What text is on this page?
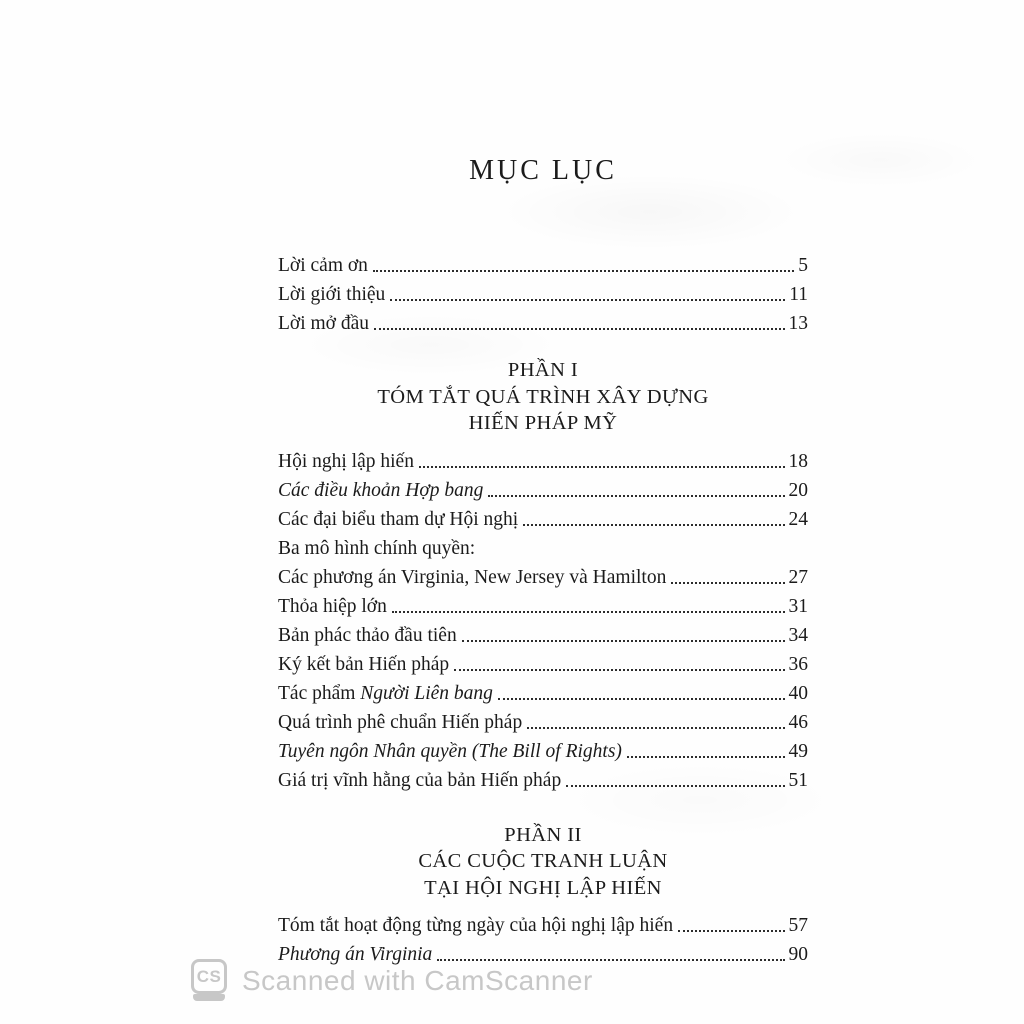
MỤC LỤC
Lời cảm ơn	5
Lời giới thiệu	11
Lời mở đầu	13
PHẦN I
TÓM TẮT QUÁ TRÌNH XÂY DỰNG
HIẾN PHÁP MỸ
Hội nghị lập hiến	18
Các điều khoản Hợp bang	20
Các đại biểu tham dự Hội nghị	24
Ba mô hình chính quyền:
Các phương án Virginia, New Jersey và Hamilton	27
Thỏa hiệp lớn	31
Bản phác thảo đầu tiên	34
Ký kết bản Hiến pháp	36
Tác phẩm Người Liên bang	40
Quá trình phê chuẩn Hiến pháp	46
Tuyên ngôn Nhân quyền (The Bill of Rights)	49
Giá trị vĩnh hằng của bản Hiến pháp	51
PHẦN II
CÁC CUỘC TRANH LUẬN
TẠI HỘI NGHỊ LẬP HIẾN
Tóm tắt hoạt động từng ngày của hội nghị lập hiến	57
Phương án Virginia	90
CS Scanned with CamScanner
